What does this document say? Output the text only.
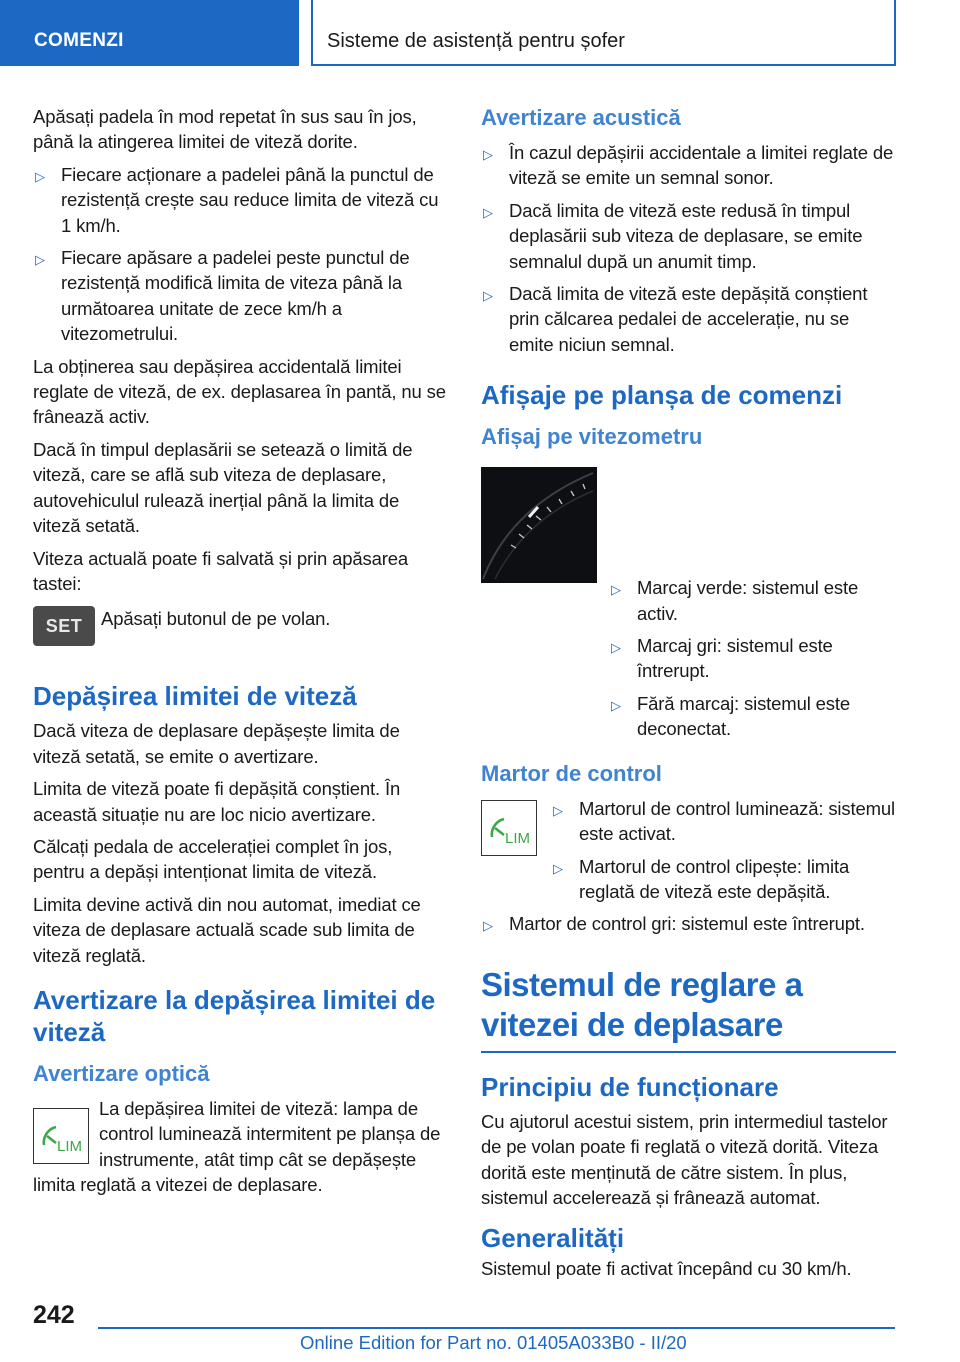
COMENZI	Sisteme de asistență pentru șofer

Apăsați padela în mod repetat în sus sau în jos, până la atingerea limitei de viteză dorite.

▷ Fiecare acționare a padelei până la punctul de rezistență crește sau reduce limita de viteză cu 1 km/h.
▷ Fiecare apăsare a padelei peste punctul de rezistență modifică limita de viteza până la următoarea unitate de zece km/h a vitezometrului.

La obținerea sau depășirea accidentală limitei reglate de viteză, de ex. deplasarea în pantă, nu se frânează activ.

Dacă în timpul deplasării se setează o limită de viteză, care se află sub viteza de deplasare, autovehiculul rulează inerțial până la limita de viteză setată.

Viteza actuală poate fi salvată și prin apăsarea tastei:

SET	Apăsați butonul de pe volan.
Depășirea limitei de viteză

Dacă viteza de deplasare depășește limita de viteză setată, se emite o avertizare.

Limita de viteză poate fi depășită conștient. În această situație nu are loc nicio avertizare.

Călcați pedala de accelerației complet în jos, pentru a depăși intenționat limita de viteză.

Limita devine activă din nou automat, imediat ce viteza de deplasare actuală scade sub limita de viteză reglată.

Avertizare la depășirea limitei de viteză
Avertizare optică
LIM

La depășirea limitei de viteză: lampa de control luminează intermitent pe planșa de instrumente, atât timp cât se depășește limita reglată a vitezei de deplasare.

Avertizare acustică
▷ În cazul depășirii accidentale a limitei reglate de viteză se emite un semnal sonor.
▷ Dacă limita de viteză este redusă în timpul deplasării sub viteza de deplasare, se emite semnalul după un anumit timp.
▷ Dacă limita de viteză este depășită conștient prin călcarea pedalei de accelerație, nu se emite niciun semnal.
Afișaje pe planșa de comenzi
Afișaj pe vitezometru
▷ Marcaj verde: sistemul este activ.
▷ Marcaj gri: sistemul este întrerupt.
▷ Fără marcaj: sistemul este deconectat.
Martor de control
LIM
▷ Martorul de control luminează: sistemul este activat.
▷ Martorul de control clipește: limita reglată de viteză este depășită.
▷ Martor de control gri: sistemul este întrerupt.
Sistemul de reglare a vitezei de deplasare
Principiu de funcționare

Cu ajutorul acestui sistem, prin intermediul tastelor de pe volan poate fi reglată o viteză dorită. Viteza dorită este menținută de către sistem. În plus, sistemul accelerează și frânează automat.

Generalități

Sistemul poate fi activat începând cu 30 km/h.

242
Online Edition for Part no. 01405A033B0 - II/20
